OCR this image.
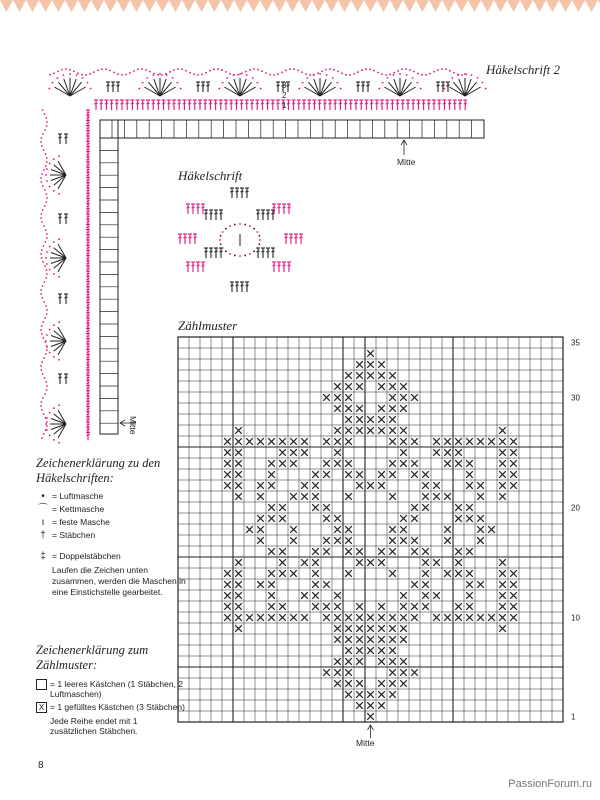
Häkelschrift 2
3
2
1
Mitte
Mitte
Häkelschrift
Zählmuster
35
30
20
10
1
Mitte
Zeichenerklärung zu den Häkelschriften:
• = Luftmasche
⌒ = Kettmasche
ı = feste Masche
† = Stäbchen
‡ = Doppelstäbchen
Laufen die Zeichen unten zusammen, werden die Maschen in eine Einstichstelle gearbeitet.
Zeichenerklärung zum Zählmuster:
= 1 leeres Kästchen (1 Stäbchen, 2 Luftmaschen)
X = 1 gefülltes Kästchen (3 Stäbchen)
Jede Reihe endet mit 1 zusätzlichen Stäbchen.
8
PassionForum.ru
